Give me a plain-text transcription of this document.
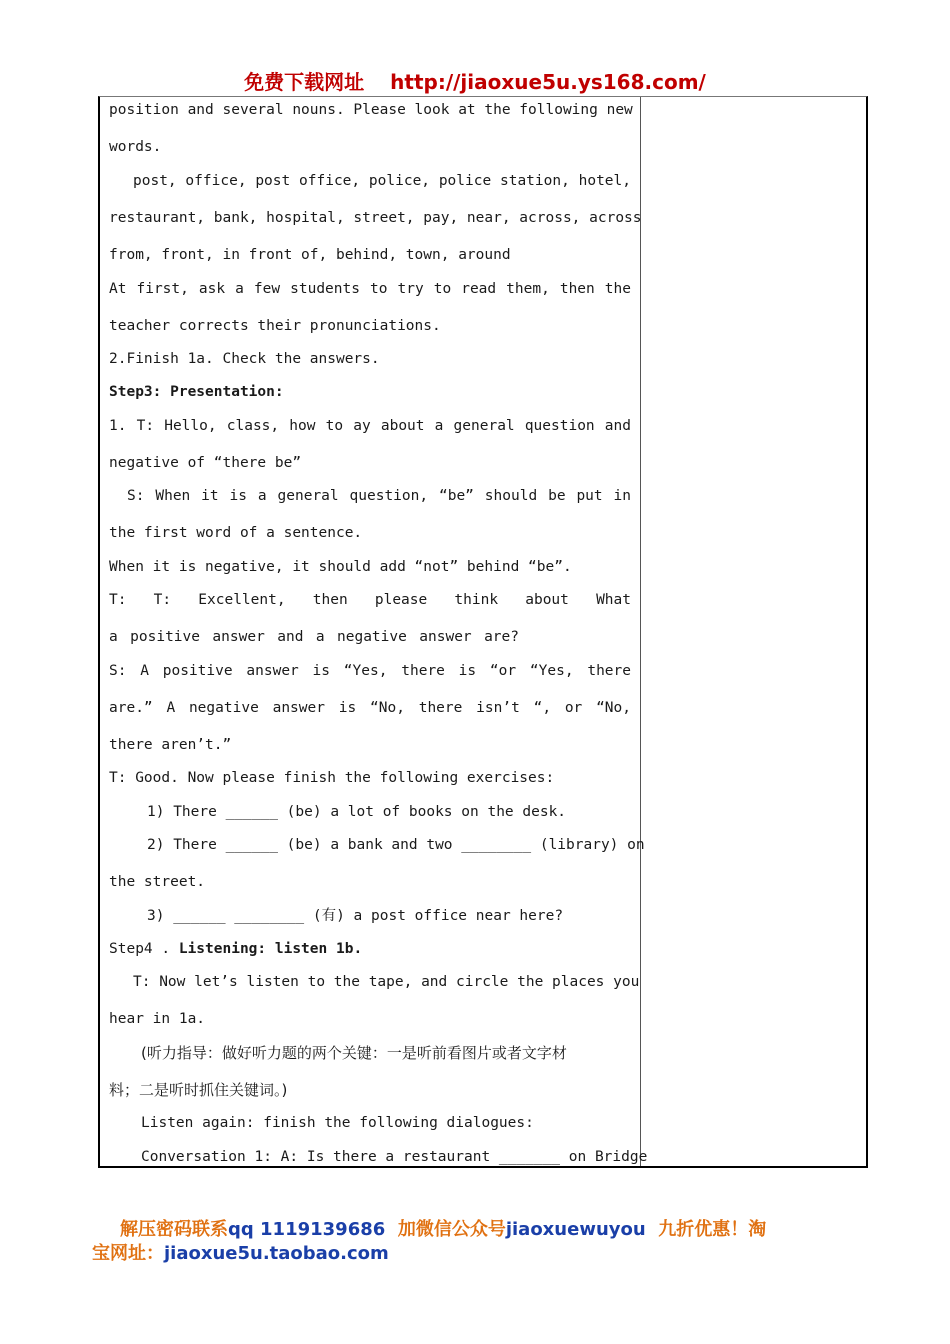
免费下载网址 http://jiaoxue5u.ys168.com/
position and several nouns. Please look at the following new
words.
post, office, post office, police, police station, hotel,
restaurant, bank, hospital, street, pay, near, across, across
from, front, in front of, behind, town, around
At first, ask a few students to try to read them, then the
teacher corrects their pronunciations.
2.Finish 1a. Check the answers.
Step3: Presentation:
1. T: Hello, class, how to ay about a general question and
negative of “there be”
S: When it is a general question, “be” should be put in
the first word of a sentence.
When it is negative, it should add “not” behind “be”.
T: T: Excellent, then please think about What
a positive answer and a negative answer are?
S: A positive answer is “Yes, there is “or “Yes, there
are.” A negative answer is “No, there isn’t “, or “No,
there aren’t.”
T: Good. Now please finish the following exercises:
1) There ______ (be) a lot of books on the desk.
2) There ______ (be) a bank and two ________ (library) on
the street.
3) ______ ________ (有) a post office near here?
Step4 . Listening: listen 1b.
T: Now let’s listen to the tape, and circle the places you
hear in 1a.
(听力指导：做好听力题的两个关键：一是听前看图片或者文字材
料；二是听时抓住关键词。)
Listen again: finish the following dialogues:
Conversation 1: A: Is there a restaurant _______ on Bridge
解压密码联系qq 1119139686 加微信公众号jiaoxuewuyou 九折优惠！淘
宝网址：jiaoxue5u.taobao.com
